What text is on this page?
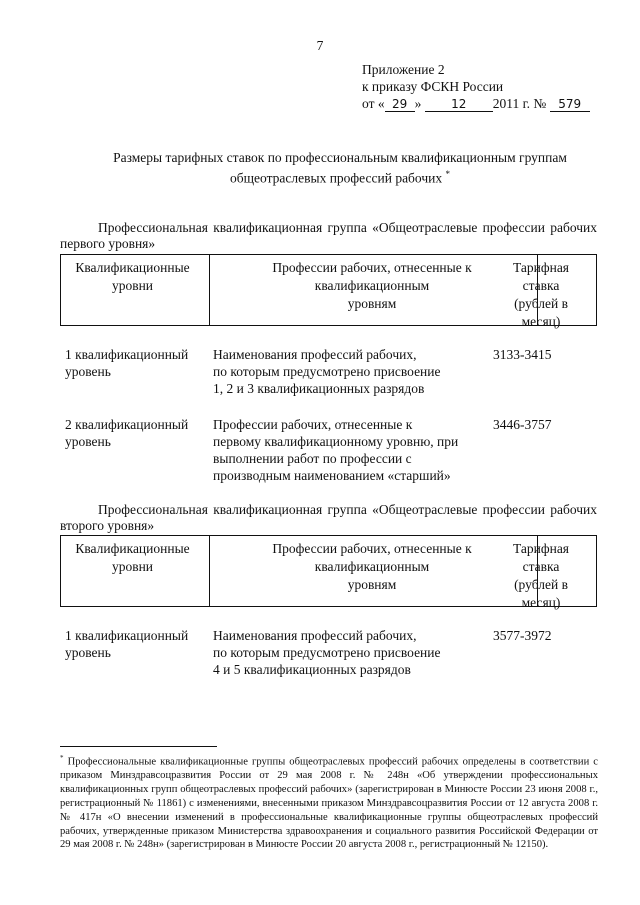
7
Приложение 2
к приказу ФСКН России
от « 29 » 12 2011 г. № 579
Размеры тарифных ставок по профессиональным квалификационным группам
общеотраслевых профессий рабочих *

Профессиональная квалификационная группа «Общеотраслевые профессии рабочих первого уровня»

Квалификационные уровни
Профессии рабочих, отнесенные к
квалификационным
уровням
Тарифная
ставка
(рублей в
месяц)
1 квалификационный
уровень
Наименования профессий рабочих,
по которым предусмотрено присвоение
1, 2 и 3 квалификационных разрядов
3133-3415
2 квалификационный
уровень
Профессии рабочих, отнесенные к
первому квалификационному уровню, при
выполнении работ по профессии с
производным наименованием «старший»
3446-3757

Профессиональная квалификационная группа «Общеотраслевые профессии рабочих второго уровня»

Квалификационные уровни
Профессии рабочих, отнесенные к
квалификационным
уровням
Тарифная
ставка
(рублей в
месяц)
1 квалификационный
уровень
Наименования профессий рабочих,
по которым предусмотрено присвоение
4 и 5 квалификационных разрядов
3577-3972
* Профессиональные квалификационные группы общеотраслевых профессий рабочих определены в соответствии с приказом Минздравсоцразвития России от 29 мая 2008 г. № 248н «Об утверждении профессиональных квалификационных групп общеотраслевых профессий рабочих» (зарегистрирован в Минюсте России 23 июня 2008 г., регистрационный № 11861) с изменениями, внесенными приказом Минздравсоцразвития России от 12 августа 2008 г. № 417н «О внесении изменений в профессиональные квалификационные группы общеотраслевых профессий рабочих, утвержденные приказом Министерства здравоохранения и социального развития Российской Федерации от 29 мая 2008 г. № 248н» (зарегистрирован в Минюсте России 20 августа 2008 г., регистрационный № 12150).
